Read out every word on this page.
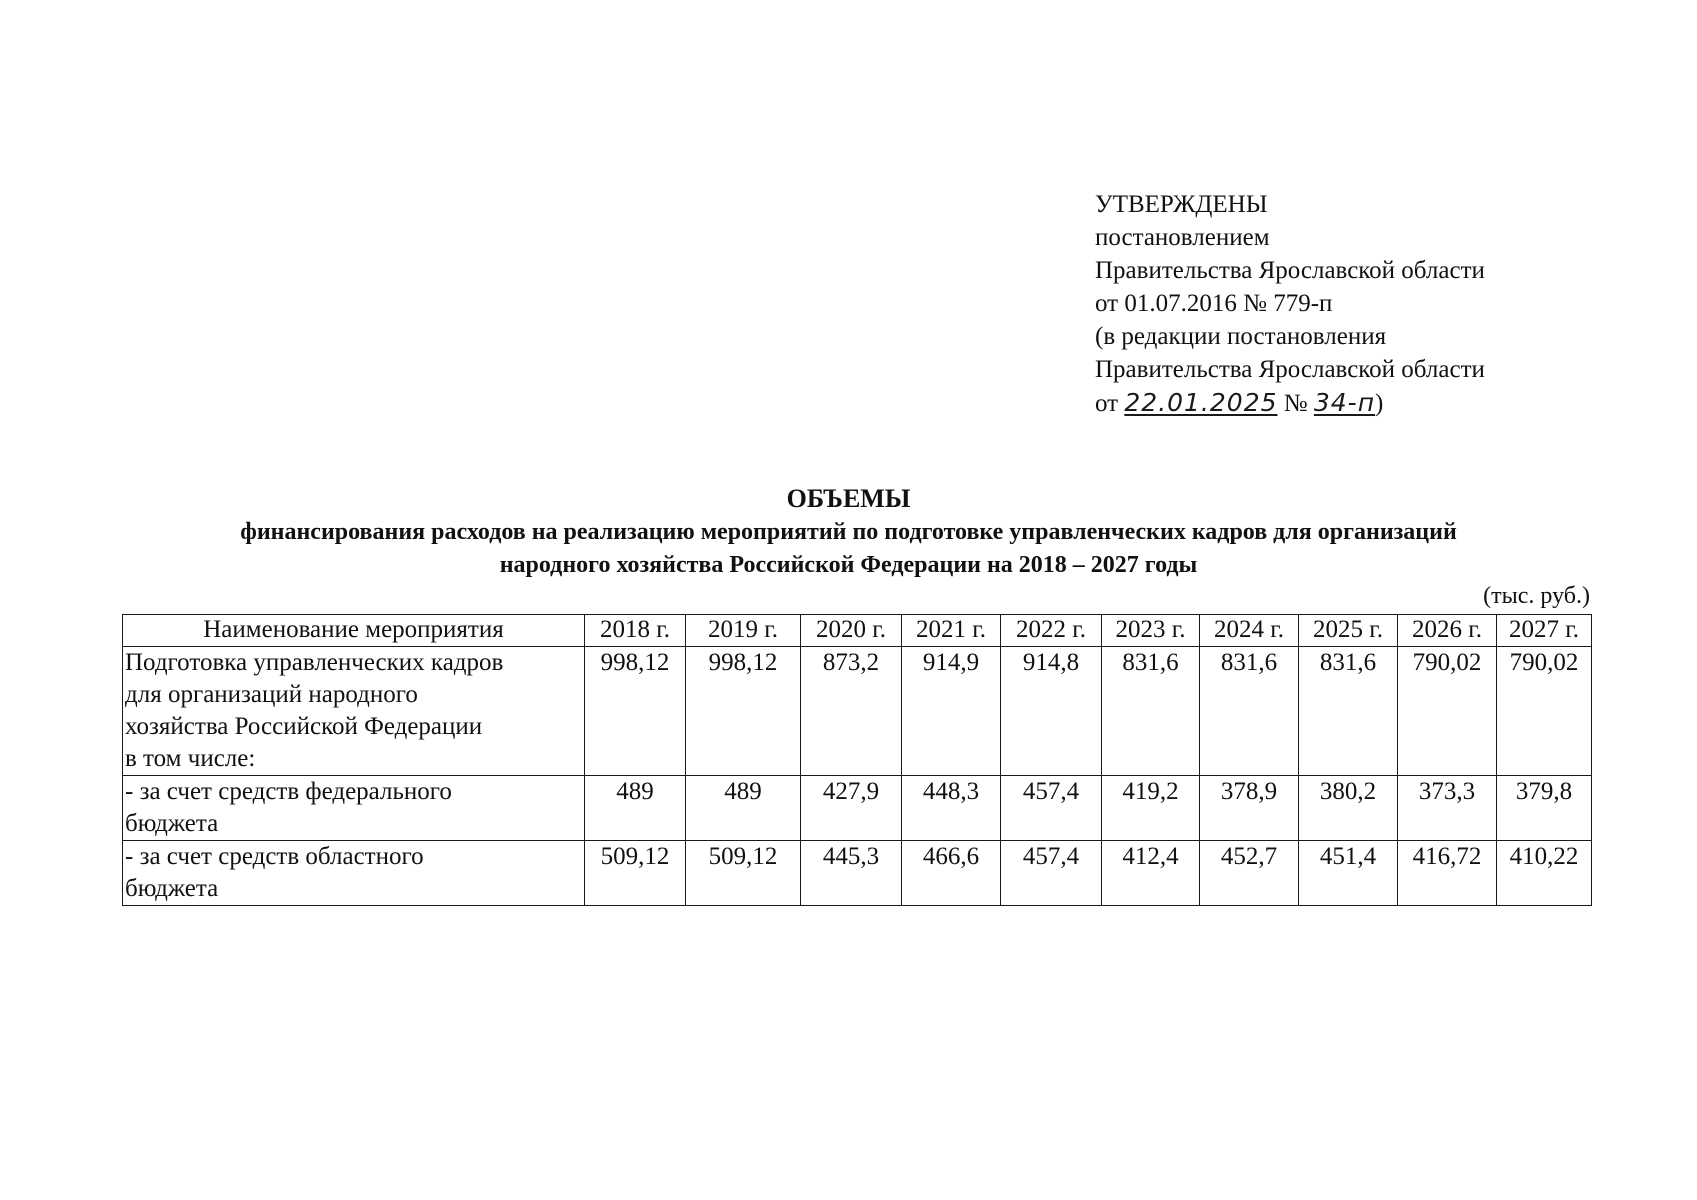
УТВЕРЖДЕНЫ
постановлением
Правительства Ярославской области
от 01.07.2016 № 779-п
(в редакции постановления
Правительства Ярославской области
от 22.01.2025 № 34-п)
ОБЪЕМЫ
финансирования расходов на реализацию мероприятий по подготовке управленческих кадров для организаций
народного хозяйства Российской Федерации на 2018 – 2027 годы
(тыс. руб.)
Наименование мероприятия	2018 г.	2019 г.	2020 г.	2021 г.	2022 г.	2023 г.	2024 г.	2025 г.	2026 г.	2027 г.

Подготовка управленческих кадров
для организаций народного
хозяйства Российской Федерации
в том числе:	998,12	998,12	873,2	914,9	914,8	831,6	831,6	831,6	790,02	790,02

- за счет средств федерального
бюджета	489	489	427,9	448,3	457,4	419,2	378,9	380,2	373,3	379,8

- за счет средств областного
бюджета	509,12	509,12	445,3	466,6	457,4	412,4	452,7	451,4	416,72	410,22
